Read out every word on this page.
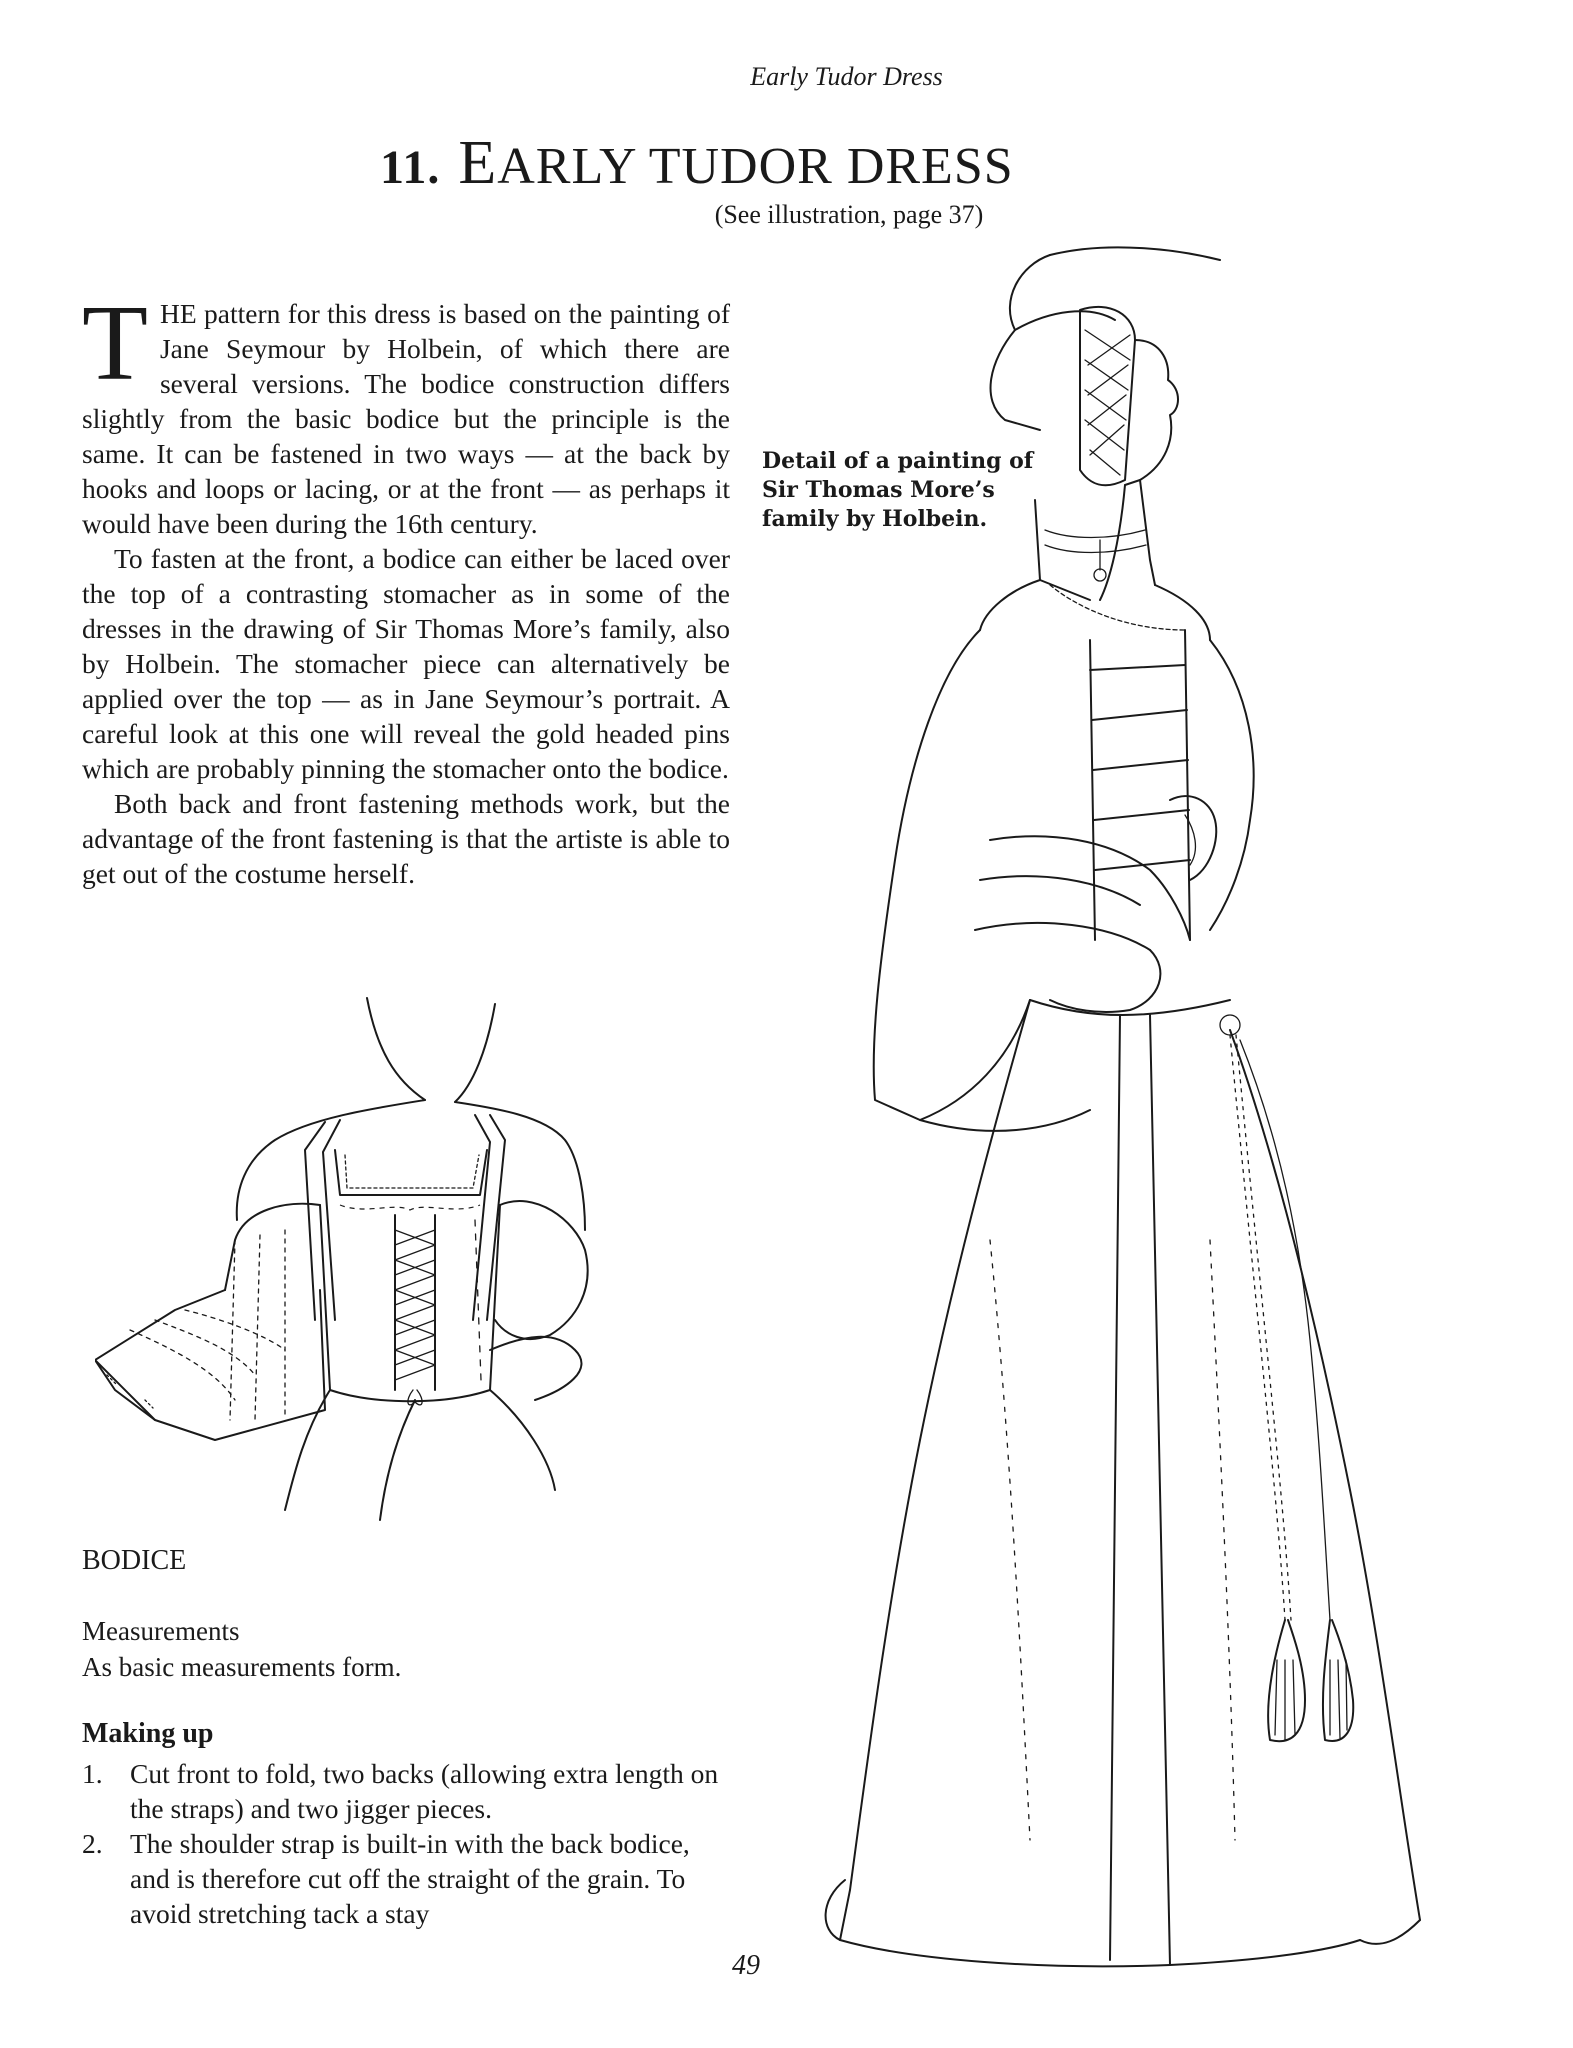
Early Tudor Dress
11. EARLY TUDOR DRESS
(See illustration, page 37)

THE pattern for this dress is based on the painting of Jane Seymour by Holbein, of which there are several versions. The bodice construction differs slightly from the basic bodice but the principle is the same. It can be fastened in two ways — at the back by hooks and loops or lacing, or at the front — as perhaps it would have been during the 16th century.

To fasten at the front, a bodice can either be laced over the top of a contrasting stomacher as in some of the dresses in the drawing of Sir Thomas More’s family, also by Holbein. The stomacher piece can alternatively be applied over the top — as in Jane Seymour’s portrait. A careful look at this one will reveal the gold headed pins which are probably pinning the stomacher onto the bodice.

Both back and front fastening methods work, but the advantage of the front fastening is that the artiste is able to get out of the costume herself.

Detail of a painting of Sir Thomas More’s family by Holbein.
BODICE
Measurements
As basic measurements form.
Making up
1. Cut front to fold, two backs (allowing extra length on the straps) and two jigger pieces.
2. The shoulder strap is built-in with the back bodice, and is therefore cut off the straight of the grain. To avoid stretching tack a stay
49
